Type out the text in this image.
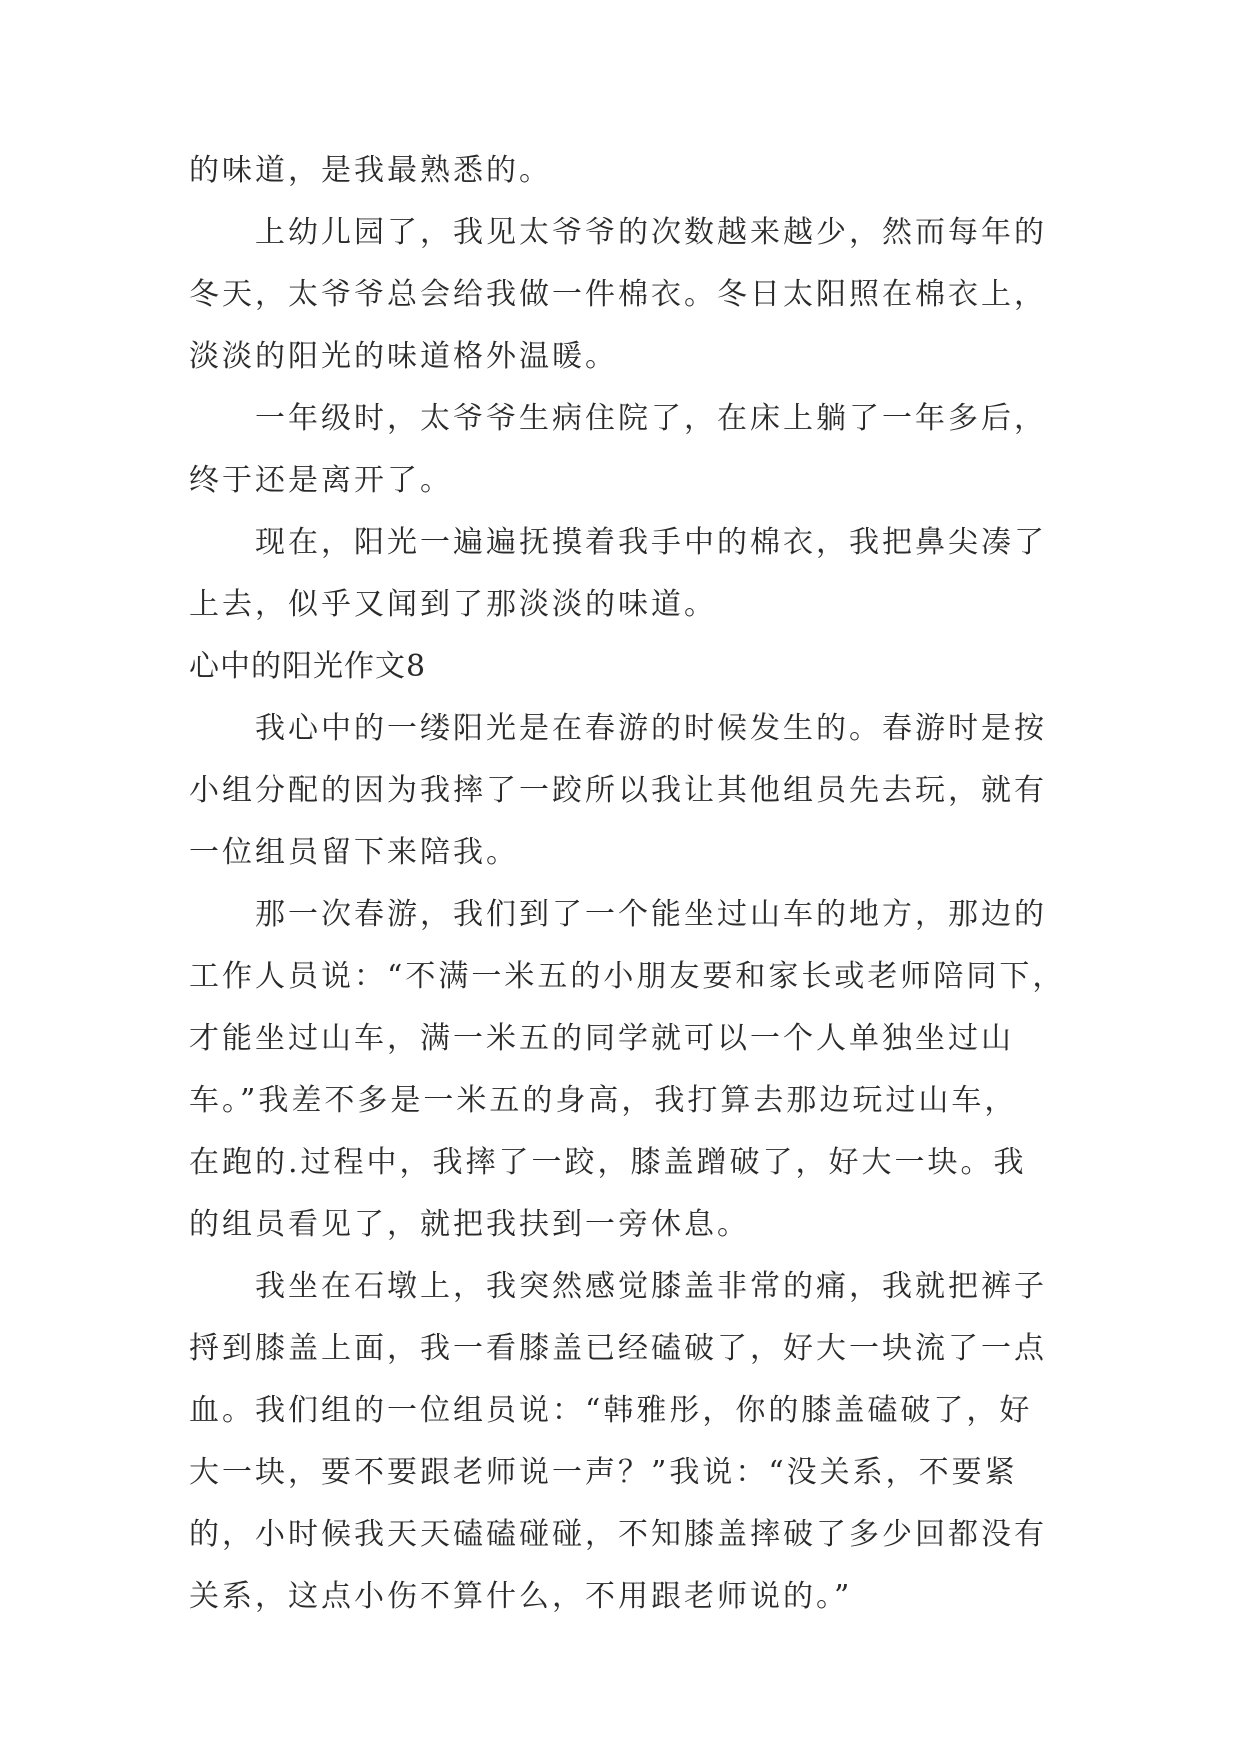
的味道，是我最熟悉的。
上幼儿园了，我见太爷爷的次数越来越少，然而每年的
冬天，太爷爷总会给我做一件棉衣。冬日太阳照在棉衣上，
淡淡的阳光的味道格外温暖。
一年级时，太爷爷生病住院了，在床上躺了一年多后，
终于还是离开了。
现在，阳光一遍遍抚摸着我手中的棉衣，我把鼻尖凑了
上去，似乎又闻到了那淡淡的味道。
心中的阳光作文8
我心中的一缕阳光是在春游的时候发生的。春游时是按
小组分配的因为我摔了一跤所以我让其他组员先去玩，就有
一位组员留下来陪我。
那一次春游，我们到了一个能坐过山车的地方，那边的
工作人员说：“不满一米五的小朋友要和家长或老师陪同下，
才能坐过山车，满一米五的同学就可以一个人单独坐过山
车。”我差不多是一米五的身高，我打算去那边玩过山车，
在跑的.过程中，我摔了一跤，膝盖蹭破了，好大一块。我
的组员看见了，就把我扶到一旁休息。
我坐在石墩上，我突然感觉膝盖非常的痛，我就把裤子
捋到膝盖上面，我一看膝盖已经磕破了，好大一块流了一点
血。我们组的一位组员说：“韩雅彤，你的膝盖磕破了，好
大一块，要不要跟老师说一声？”我说：“没关系，不要紧
的，小时候我天天磕磕碰碰，不知膝盖摔破了多少回都没有
关系，这点小伤不算什么，不用跟老师说的。”
